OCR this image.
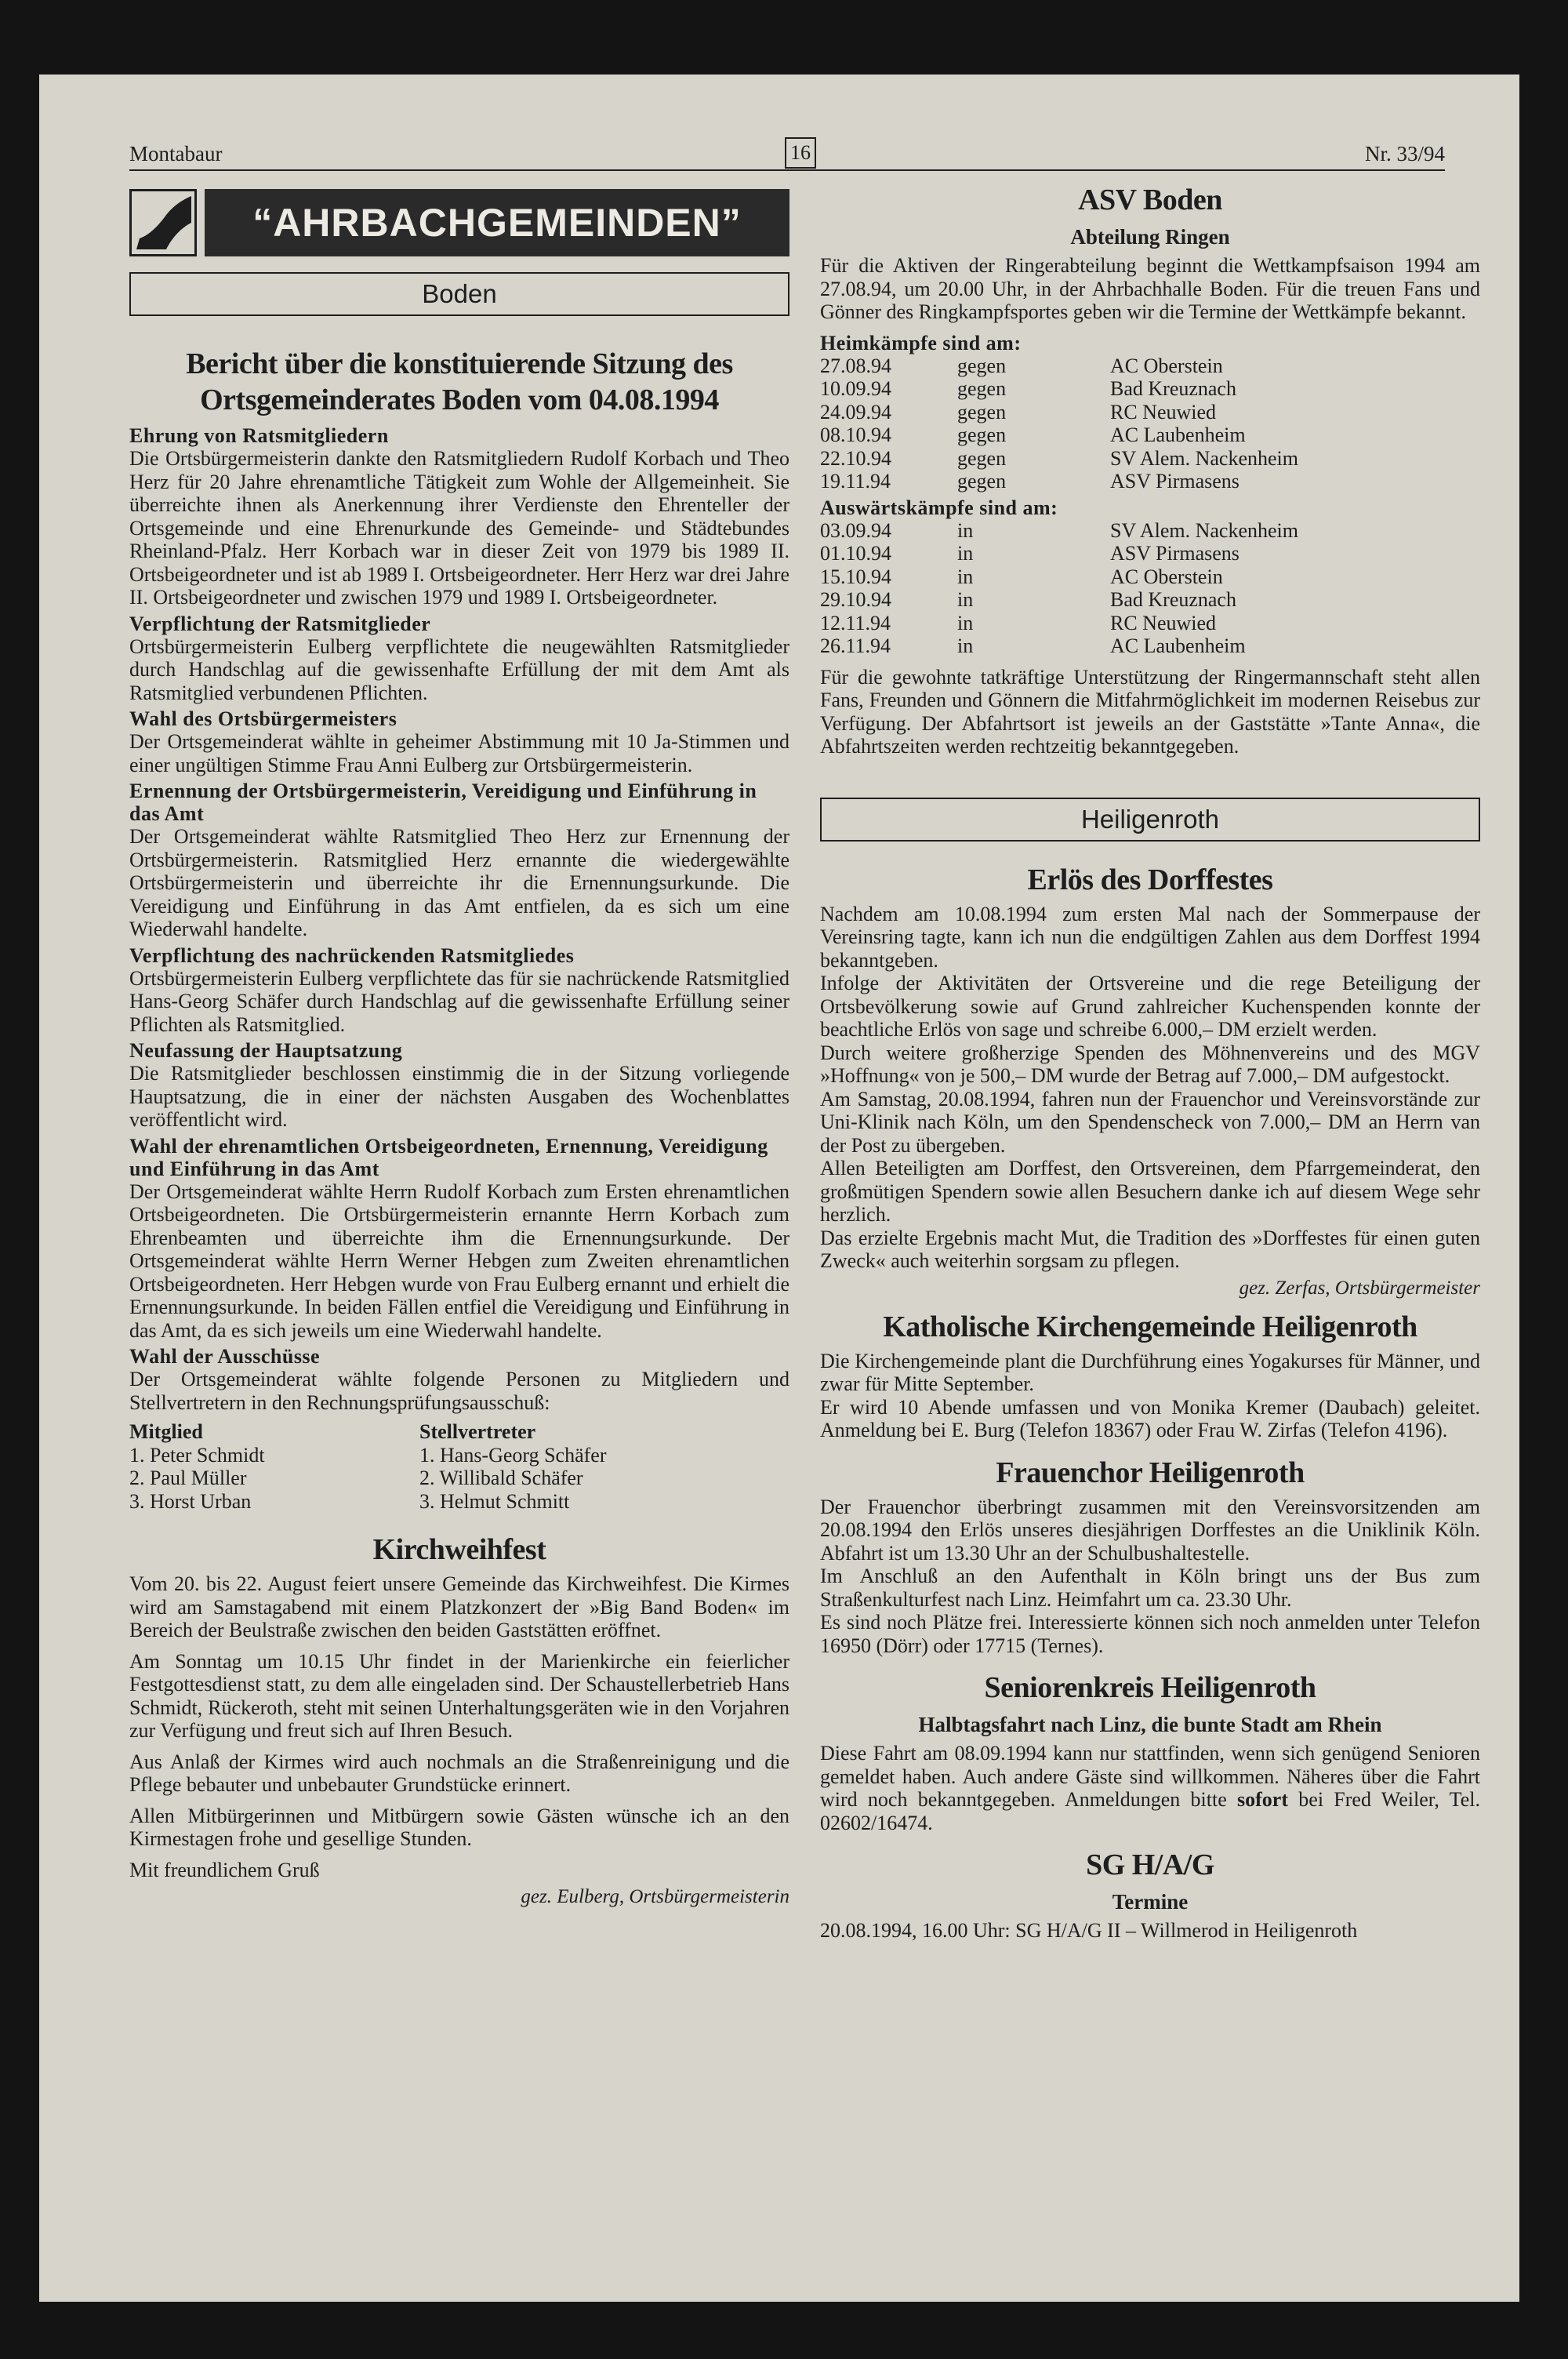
Montabaur	16	Nr. 33/94
“AHRBACHGEMEINDEN”
Boden
Bericht über die konstituierende Sitzung des Ortsgemeinderates Boden vom 04.08.1994
Ehrung von Ratsmitgliedern

Die Ortsbürgermeisterin dankte den Ratsmitgliedern Rudolf Korbach und Theo Herz für 20 Jahre ehrenamtliche Tätigkeit zum Wohle der Allgemeinheit. Sie überreichte ihnen als Anerkennung ihrer Verdienste den Ehrenteller der Ortsgemeinde und eine Ehrenurkunde des Gemeinde- und Städtebundes Rheinland-Pfalz. Herr Korbach war in dieser Zeit von 1979 bis 1989 II. Ortsbeigeordneter und ist ab 1989 I. Ortsbeigeordneter. Herr Herz war drei Jahre II. Ortsbeigeordneter und zwischen 1979 und 1989 I. Ortsbeigeordneter.

Verpflichtung der Ratsmitglieder

Ortsbürgermeisterin Eulberg verpflichtete die neugewählten Ratsmitglieder durch Handschlag auf die gewissenhafte Erfüllung der mit dem Amt als Ratsmitglied verbundenen Pflichten.

Wahl des Ortsbürgermeisters

Der Ortsgemeinderat wählte in geheimer Abstimmung mit 10 Ja-Stimmen und einer ungültigen Stimme Frau Anni Eulberg zur Ortsbürgermeisterin.

Ernennung der Ortsbürgermeisterin, Vereidigung und Einführung in das Amt

Der Ortsgemeinderat wählte Ratsmitglied Theo Herz zur Ernennung der Ortsbürgermeisterin. Ratsmitglied Herz ernannte die wiedergewählte Ortsbürgermeisterin und überreichte ihr die Ernennungsurkunde. Die Vereidigung und Einführung in das Amt entfielen, da es sich um eine Wiederwahl handelte.

Verpflichtung des nachrückenden Ratsmitgliedes

Ortsbürgermeisterin Eulberg verpflichtete das für sie nachrückende Ratsmitglied Hans-Georg Schäfer durch Handschlag auf die gewissenhafte Erfüllung seiner Pflichten als Ratsmitglied.

Neufassung der Hauptsatzung

Die Ratsmitglieder beschlossen einstimmig die in der Sitzung vorliegende Hauptsatzung, die in einer der nächsten Ausgaben des Wochenblattes veröffentlicht wird.

Wahl der ehrenamtlichen Ortsbeigeordneten, Ernennung, Vereidigung und Einführung in das Amt

Der Ortsgemeinderat wählte Herrn Rudolf Korbach zum Ersten ehrenamtlichen Ortsbeigeordneten. Die Ortsbürgermeisterin ernannte Herrn Korbach zum Ehrenbeamten und überreichte ihm die Ernennungsurkunde. Der Ortsgemeinderat wählte Herrn Werner Hebgen zum Zweiten ehrenamtlichen Ortsbeigeordneten. Herr Hebgen wurde von Frau Eulberg ernannt und erhielt die Ernennungsurkunde. In beiden Fällen entfiel die Vereidigung und Einführung in das Amt, da es sich jeweils um eine Wiederwahl handelte.

Wahl der Ausschüsse

Der Ortsgemeinderat wählte folgende Personen zu Mitgliedern und Stellvertretern in den Rechnungsprüfungsausschuß:

Mitglied	Stellvertreter
1. Peter Schmidt	1. Hans-Georg Schäfer
2. Paul Müller	2. Willibald Schäfer
3. Horst Urban	3. Helmut Schmitt
Kirchweihfest

Vom 20. bis 22. August feiert unsere Gemeinde das Kirchweihfest. Die Kirmes wird am Samstagabend mit einem Platzkonzert der »Big Band Boden« im Bereich der Beulstraße zwischen den beiden Gaststätten eröffnet.

Am Sonntag um 10.15 Uhr findet in der Marienkirche ein feierlicher Festgottesdienst statt, zu dem alle eingeladen sind. Der Schaustellerbetrieb Hans Schmidt, Rückeroth, steht mit seinen Unterhaltungsgeräten wie in den Vorjahren zur Verfügung und freut sich auf Ihren Besuch.

Aus Anlaß der Kirmes wird auch nochmals an die Straßenreinigung und die Pflege bebauter und unbebauter Grundstücke erinnert.

Allen Mitbürgerinnen und Mitbürgern sowie Gästen wünsche ich an den Kirmestagen frohe und gesellige Stunden.

Mit freundlichem Gruß

gez. Eulberg, Ortsbürgermeisterin
ASV Boden
Abteilung Ringen

Für die Aktiven der Ringerabteilung beginnt die Wettkampfsaison 1994 am 27.08.94, um 20.00 Uhr, in der Ahrbachhalle Boden. Für die treuen Fans und Gönner des Ringkampfsportes geben wir die Termine der Wettkämpfe bekannt.

Heimkämpfe sind am:
27.08.94	gegen	AC Oberstein
10.09.94	gegen	Bad Kreuznach
24.09.94	gegen	RC Neuwied
08.10.94	gegen	AC Laubenheim
22.10.94	gegen	SV Alem. Nackenheim
19.11.94	gegen	ASV Pirmasens
Auswärtskämpfe sind am:
03.09.94	in	SV Alem. Nackenheim
01.10.94	in	ASV Pirmasens
15.10.94	in	AC Oberstein
29.10.94	in	Bad Kreuznach
12.11.94	in	RC Neuwied
26.11.94	in	AC Laubenheim

Für die gewohnte tatkräftige Unterstützung der Ringermannschaft steht allen Fans, Freunden und Gönnern die Mitfahrmöglichkeit im modernen Reisebus zur Verfügung. Der Abfahrtsort ist jeweils an der Gaststätte »Tante Anna«, die Abfahrtszeiten werden rechtzeitig bekanntgegeben.

Heiligenroth
Erlös des Dorffestes

Nachdem am 10.08.1994 zum ersten Mal nach der Sommerpause der Vereinsring tagte, kann ich nun die endgültigen Zahlen aus dem Dorffest 1994 bekanntgeben.

Infolge der Aktivitäten der Ortsvereine und die rege Beteiligung der Ortsbevölkerung sowie auf Grund zahlreicher Kuchenspenden konnte der beachtliche Erlös von sage und schreibe 6.000,– DM erzielt werden.

Durch weitere großherzige Spenden des Möhnenvereins und des MGV »Hoffnung« von je 500,– DM wurde der Betrag auf 7.000,– DM aufgestockt.

Am Samstag, 20.08.1994, fahren nun der Frauenchor und Vereinsvorstände zur Uni-Klinik nach Köln, um den Spendenscheck von 7.000,– DM an Herrn van der Post zu übergeben.

Allen Beteiligten am Dorffest, den Ortsvereinen, dem Pfarrgemeinderat, den großmütigen Spendern sowie allen Besuchern danke ich auf diesem Wege sehr herzlich.

Das erzielte Ergebnis macht Mut, die Tradition des »Dorffestes für einen guten Zweck« auch weiterhin sorgsam zu pflegen.

gez. Zerfas, Ortsbürgermeister
Katholische Kirchengemeinde Heiligenroth

Die Kirchengemeinde plant die Durchführung eines Yogakurses für Männer, und zwar für Mitte September.

Er wird 10 Abende umfassen und von Monika Kremer (Daubach) geleitet. Anmeldung bei E. Burg (Telefon 18367) oder Frau W. Zirfas (Telefon 4196).

Frauenchor Heiligenroth

Der Frauenchor überbringt zusammen mit den Vereinsvorsitzenden am 20.08.1994 den Erlös unseres diesjährigen Dorffestes an die Uniklinik Köln. Abfahrt ist um 13.30 Uhr an der Schulbushaltestelle.

Im Anschluß an den Aufenthalt in Köln bringt uns der Bus zum Straßenkulturfest nach Linz. Heimfahrt um ca. 23.30 Uhr.

Es sind noch Plätze frei. Interessierte können sich noch anmelden unter Telefon 16950 (Dörr) oder 17715 (Ternes).

Seniorenkreis Heiligenroth
Halbtagsfahrt nach Linz, die bunte Stadt am Rhein

Diese Fahrt am 08.09.1994 kann nur stattfinden, wenn sich genügend Senioren gemeldet haben. Auch andere Gäste sind willkommen. Näheres über die Fahrt wird noch bekanntgegeben. Anmeldungen bitte sofort bei Fred Weiler, Tel. 02602/16474.

SG H/A/G
Termine

20.08.1994, 16.00 Uhr: SG H/A/G II – Willmerod in Heiligenroth
